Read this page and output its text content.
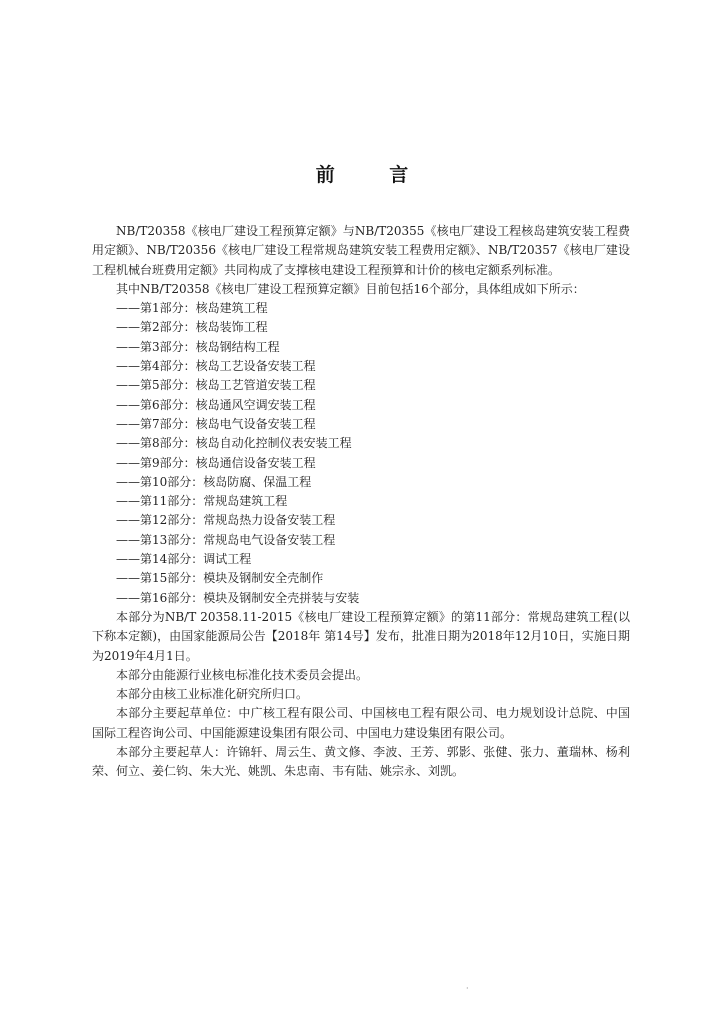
前 言

NB/T20358《核电厂建设工程预算定额》与NB/T20355《核电厂建设工程核岛建筑安装工程费用定额》、NB/T20356《核电厂建设工程常规岛建筑安装工程费用定额》、NB/T20357《核电厂建设工程机械台班费用定额》共同构成了支撑核电建设工程预算和计价的核电定额系列标准。

其中NB/T20358《核电厂建设工程预算定额》目前包括16个部分，具体组成如下所示：

——第1部分：核岛建筑工程
——第2部分：核岛装饰工程
——第3部分：核岛钢结构工程
——第4部分：核岛工艺设备安装工程
——第5部分：核岛工艺管道安装工程
——第6部分：核岛通风空调安装工程
——第7部分：核岛电气设备安装工程
——第8部分：核岛自动化控制仪表安装工程
——第9部分：核岛通信设备安装工程
——第10部分：核岛防腐、保温工程
——第11部分：常规岛建筑工程
——第12部分：常规岛热力设备安装工程
——第13部分：常规岛电气设备安装工程
——第14部分：调试工程
——第15部分：模块及钢制安全壳制作
——第16部分：模块及钢制安全壳拼装与安装

本部分为NB/T 20358.11-2015《核电厂建设工程预算定额》的第11部分：常规岛建筑工程(以下称本定额)，由国家能源局公告【2018年 第14号】发布，批准日期为2018年12月10日，实施日期为2019年4月1日。

本部分由能源行业核电标准化技术委员会提出。

本部分由核工业标准化研究所归口。

本部分主要起草单位：中广核工程有限公司、中国核电工程有限公司、电力规划设计总院、中国国际工程咨询公司、中国能源建设集团有限公司、中国电力建设集团有限公司。

本部分主要起草人：许锦轩、周云生、黄文修、李波、王芳、郭影、张健、张力、董瑞林、杨利荣、何立、姜仁钧、朱大光、姚凯、朱忠南、韦有陆、姚宗永、刘凯。

·
